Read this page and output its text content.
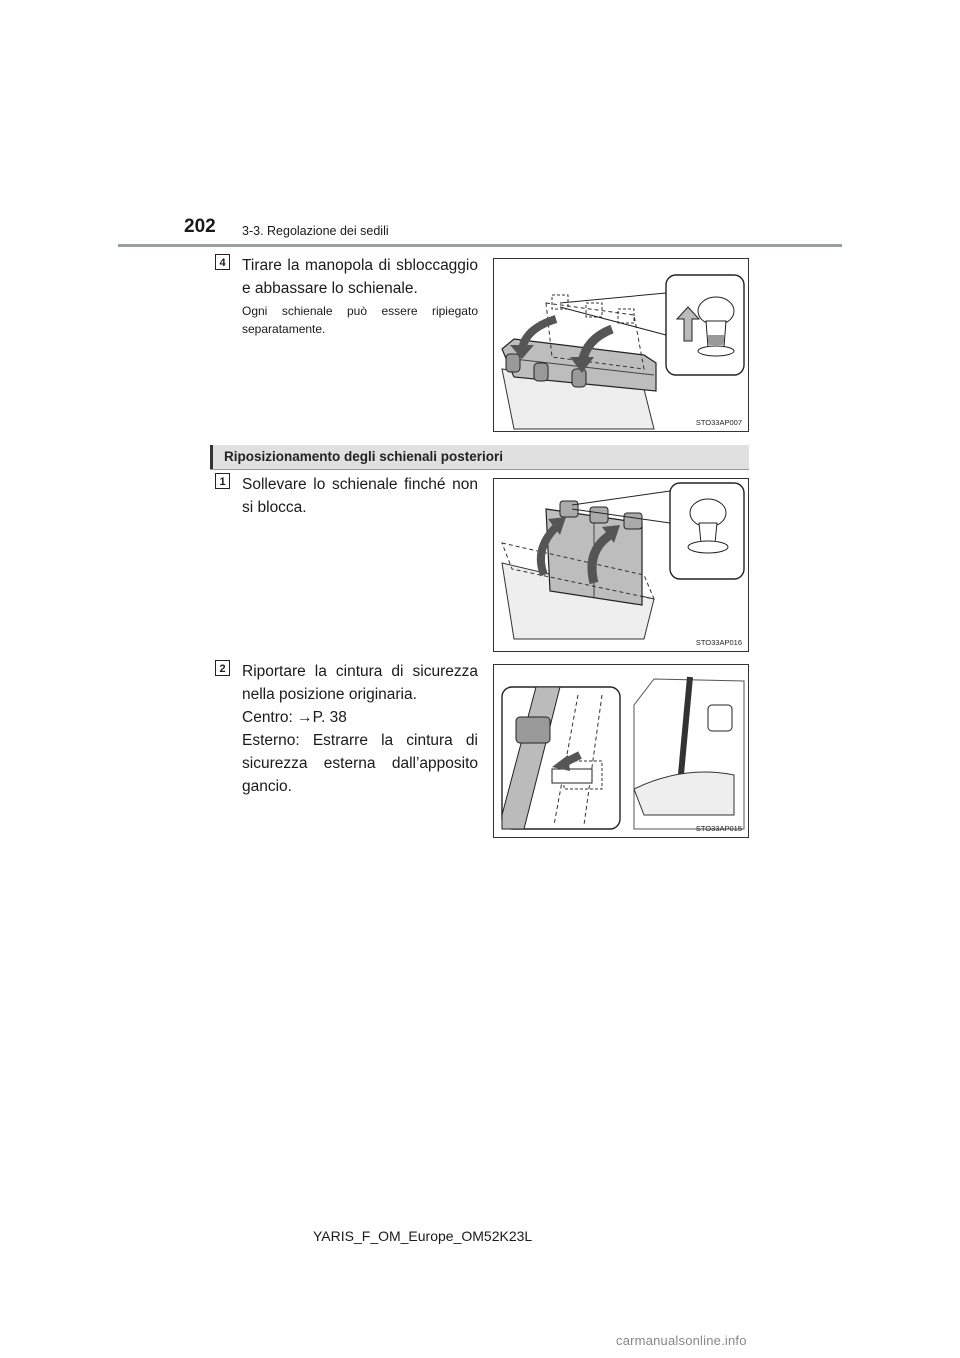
202 3-3. Regolazione dei sedili
4 Tirare la manopola di sbloccaggio e abbassare lo schienale.
Ogni schienale può essere ripiegato separatamente.
STO33AP007
Riposizionamento degli schienali posteriori
1 Sollevare lo schienale finché non si blocca.
STO33AP016
2 Riportare la cintura di sicurezza nella posizione originaria.
Centro: →P. 38
Esterno: Estrarre la cintura di sicurezza esterna dall’apposito gancio.
STO33AP015
YARIS_F_OM_Europe_OM52K23L
carmanualsonline.info
